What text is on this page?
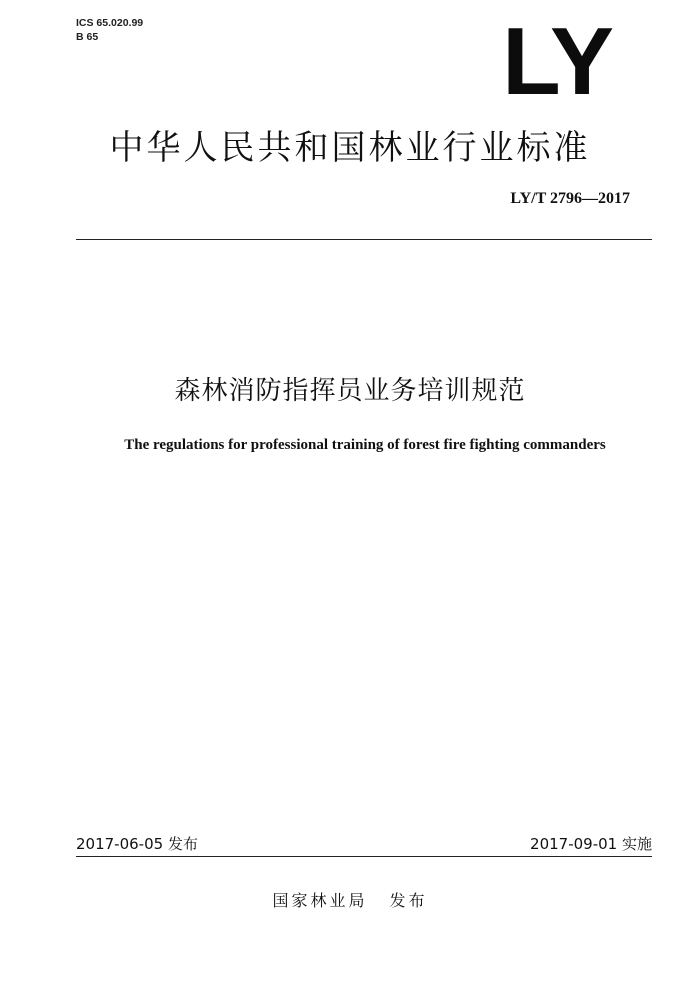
ICS 65.020.99
B 65	LY
中华人民共和国林业行业标准
LY/T 2796—2017
森林消防指挥员业务培训规范
The regulations for professional training of forest fire fighting commanders
2017-06-05 发布	2017-09-01 实施
国家林业局 发布
